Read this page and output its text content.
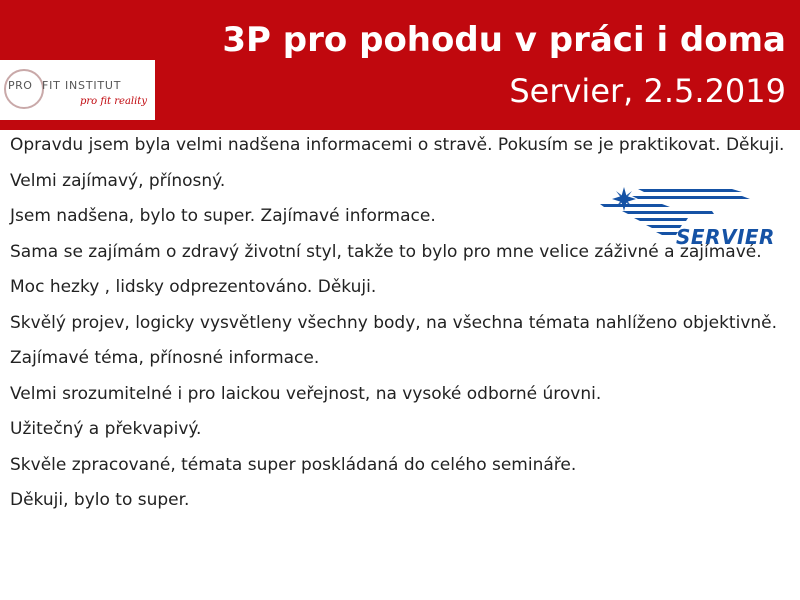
3P pro pohodu v práci i doma
Servier, 2.5.2019
PRO FIT INSTITUT
pro fit reality

Opravdu jsem byla velmi nadšena informacemi o stravě. Pokusím se je praktikovat. Děkuji.

Velmi zajímavý, přínosný.

Jsem nadšena, bylo to super. Zajímavé informace.

Sama se zajímám o zdravý životní styl, takže to bylo pro mne velice záživné a zajímavé. Moc hezky , lidsky odprezentováno. Děkuji.

Skvělý projev, logicky vysvětleny všechny body, na všechna témata nahlíženo objektivně.

Zajímavé téma, přínosné informace.

Velmi srozumitelné i pro laickou veřejnost, na vysoké odborné úrovni.

Užitečný a překvapivý.

Skvěle zpracované, témata super poskládaná do celého semináře.

Děkuji, bylo to super.

SERVIER
